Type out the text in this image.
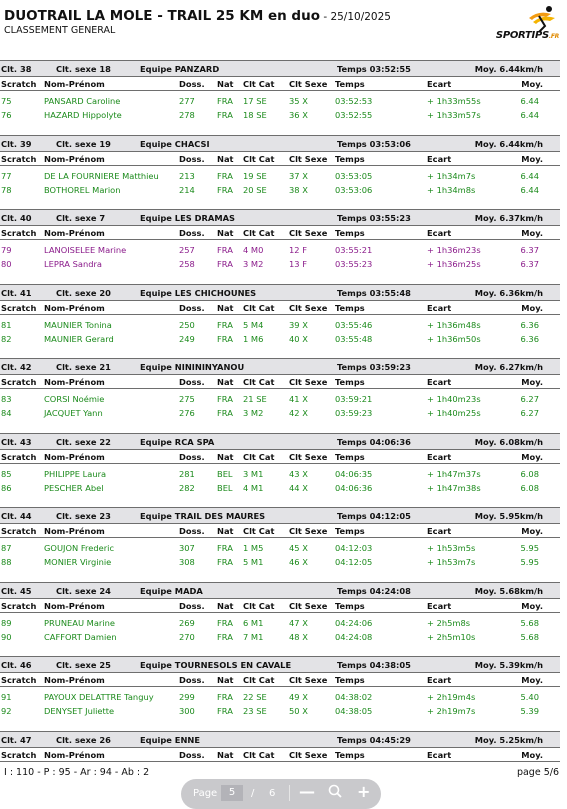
DUOTRAIL LA MOLE - TRAIL 25 KM en duo - 25/10/2025
CLASSEMENT GENERAL	SPORTIPS.FR
Clt. 38	Clt. sexe 18	Equipe PANZARD	Temps 03:52:55	Moy. 6.44km/h
Scratch Nom-Prénom	Doss. Nat Clt Cat Clt Sexe Temps	Ecart	Moy.
75	PANSARD Caroline	277	FRA 17 SE	35 X	03:52:53	+ 1h33m55s	6.44
76	HAZARD Hippolyte	278	FRA 18 SE	36 X	03:52:55	+ 1h33m57s	6.44
Clt. 39	Clt. sexe 19	Equipe CHACSI	Temps 03:53:06	Moy. 6.44km/h
Scratch Nom-Prénom	Doss. Nat Clt Cat Clt Sexe Temps	Ecart	Moy.
77	DE LA FOURNIERE Matthieu 213	FRA 19 SE	37 X	03:53:05	+ 1h34m7s	6.44
78	BOTHOREL Marion	214	FRA 20 SE	38 X	03:53:06	+ 1h34m8s	6.44
Clt. 40	Clt. sexe 7	Equipe LES DRAMAS	Temps 03:55:23	Moy. 6.37km/h
Scratch Nom-Prénom	Doss. Nat Clt Cat Clt Sexe Temps	Ecart	Moy.
79	LANOISELEE Marine	257	FRA 4 M0	12 F	03:55:21	+ 1h36m23s	6.37
80	LEPRA Sandra	258	FRA 3 M2	13 F	03:55:23	+ 1h36m25s	6.37
Clt. 41	Clt. sexe 20	Equipe LES CHICHOUNES	Temps 03:55:48	Moy. 6.36km/h
Scratch Nom-Prénom	Doss. Nat Clt Cat Clt Sexe Temps	Ecart	Moy.
81	MAUNIER Tonina	250	FRA 5 M4	39 X	03:55:46	+ 1h36m48s	6.36
82	MAUNIER Gerard	249	FRA 1 M6	40 X	03:55:48	+ 1h36m50s	6.36
Clt. 42	Clt. sexe 21	Equipe NINININYANOU	Temps 03:59:23	Moy. 6.27km/h
Scratch Nom-Prénom	Doss. Nat Clt Cat Clt Sexe Temps	Ecart	Moy.
83	CORSI Noémie	275	FRA 21 SE	41 X	03:59:21	+ 1h40m23s	6.27
84	JACQUET Yann	276	FRA 3 M2	42 X	03:59:23	+ 1h40m25s	6.27
Clt. 43	Clt. sexe 22	Equipe RCA SPA	Temps 04:06:36	Moy. 6.08km/h
Scratch Nom-Prénom	Doss. Nat Clt Cat Clt Sexe Temps	Ecart	Moy.
85	PHILIPPE Laura	281	BEL 3 M1	43 X	04:06:35	+ 1h47m37s	6.08
86	PESCHER Abel	282	BEL 4 M1	44 X	04:06:36	+ 1h47m38s	6.08
Clt. 44	Clt. sexe 23	Equipe TRAIL DES MAURES	Temps 04:12:05	Moy. 5.95km/h
Scratch Nom-Prénom	Doss. Nat Clt Cat Clt Sexe Temps	Ecart	Moy.
87	GOUJON Frederic	307	FRA 1 M5	45 X	04:12:03	+ 1h53m5s	5.95
88	MONIER Virginie	308	FRA 5 M1	46 X	04:12:05	+ 1h53m7s	5.95
Clt. 45	Clt. sexe 24	Equipe MADA	Temps 04:24:08	Moy. 5.68km/h
Scratch Nom-Prénom	Doss. Nat Clt Cat Clt Sexe Temps	Ecart	Moy.
89	PRUNEAU Marine	269	FRA 6 M1	47 X	04:24:06	+ 2h5m8s	5.68
90	CAFFORT Damien	270	FRA 7 M1	48 X	04:24:08	+ 2h5m10s	5.68
Clt. 46	Clt. sexe 25	Equipe TOURNESOLS EN CAVALE	Temps 04:38:05	Moy. 5.39km/h
Scratch Nom-Prénom	Doss. Nat Clt Cat Clt Sexe Temps	Ecart	Moy.
91	PAYOUX DELATTRE Tanguy	299	FRA 22 SE	49 X	04:38:02	+ 2h19m4s	5.40
92	DENYSET Juliette	300	FRA 23 SE	50 X	04:38:05	+ 2h19m7s	5.39
Clt. 47	Clt. sexe 26	Equipe ENNE	Temps 04:45:29	Moy. 5.25km/h
Scratch Nom-Prénom	Doss. Nat Clt Cat Clt Sexe Temps	Ecart	Moy.
I : 110 - P : 95 - Ar : 94 - Ab : 2	page 5/6
Page	5	/ 6 —	+
